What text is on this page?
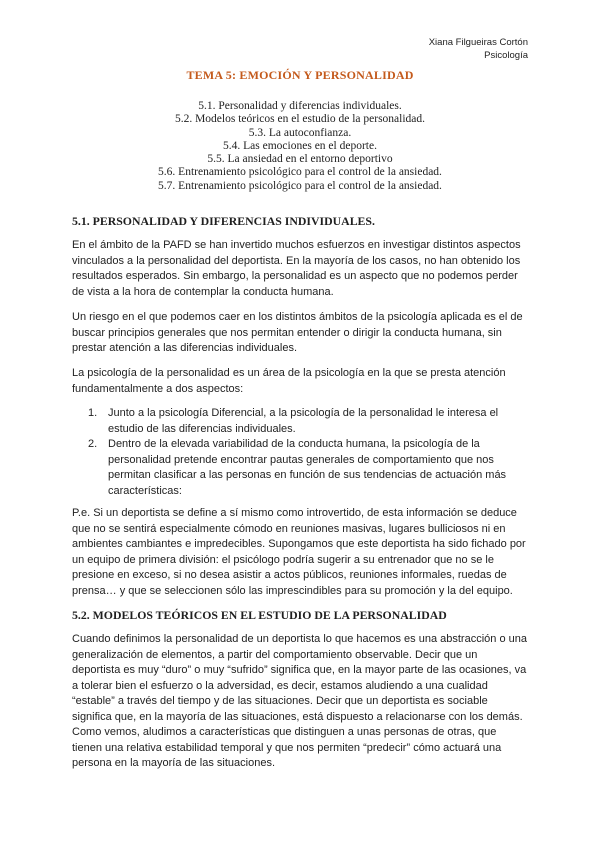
Xiana Filgueiras Cortón
Psicología
TEMA 5: EMOCIÓN Y PERSONALIDAD
5.1. Personalidad y diferencias individuales.
5.2. Modelos teóricos en el estudio de la personalidad.
5.3. La autoconfianza.
5.4. Las emociones en el deporte.
5.5. La ansiedad en el entorno deportivo
5.6. Entrenamiento psicológico para el control de la ansiedad.
5.7. Entrenamiento psicológico para el control de la ansiedad.
5.1. PERSONALIDAD Y DIFERENCIAS INDIVIDUALES.
En el ámbito de la PAFD se han invertido muchos esfuerzos en investigar distintos aspectos vinculados a la personalidad del deportista. En la mayoría de los casos, no han obtenido los resultados esperados. Sin embargo, la personalidad es un aspecto que no podemos perder de vista a la hora de contemplar la conducta humana.
Un riesgo en el que podemos caer en los distintos ámbitos de la psicología aplicada es el de buscar principios generales que nos permitan entender o dirigir la conducta humana, sin prestar atención a las diferencias individuales.
La psicología de la personalidad es un área de la psicología en la que se presta atención fundamentalmente a dos aspectos:
1. Junto a la psicología Diferencial, a la psicología de la personalidad le interesa el estudio de las diferencias individuales.
2. Dentro de la elevada variabilidad de la conducta humana, la psicología de la personalidad pretende encontrar pautas generales de comportamiento que nos permitan clasificar a las personas en función de sus tendencias de actuación más características:
P.e. Si un deportista se define a sí mismo como introvertido, de esta información se deduce que no se sentirá especialmente cómodo en reuniones masivas, lugares bulliciosos ni en ambientes cambiantes e impredecibles. Supongamos que este deportista ha sido fichado por un equipo de primera división: el psicólogo podría sugerir a su entrenador que no se le presione en exceso, si no desea asistir a actos públicos, reuniones informales, ruedas de prensa… y que se seleccionen sólo las imprescindibles para su promoción y la del equipo.
5.2. MODELOS TEÓRICOS EN EL ESTUDIO DE LA PERSONALIDAD
Cuando definimos la personalidad de un deportista lo que hacemos es una abstracción o una generalización de elementos, a partir del comportamiento observable. Decir que un deportista es muy “duro” o muy “sufrido” significa que, en la mayor parte de las ocasiones, va a tolerar bien el esfuerzo o la adversidad, es decir, estamos aludiendo a una cualidad “estable” a través del tiempo y de las situaciones. Decir que un deportista es sociable significa que, en la mayoría de las situaciones, está dispuesto a relacionarse con los demás. Como vemos, aludimos a características que distinguen a unas personas de otras, que tienen una relativa estabilidad temporal y que nos permiten “predecir” cómo actuará una persona en la mayoría de las situaciones.
